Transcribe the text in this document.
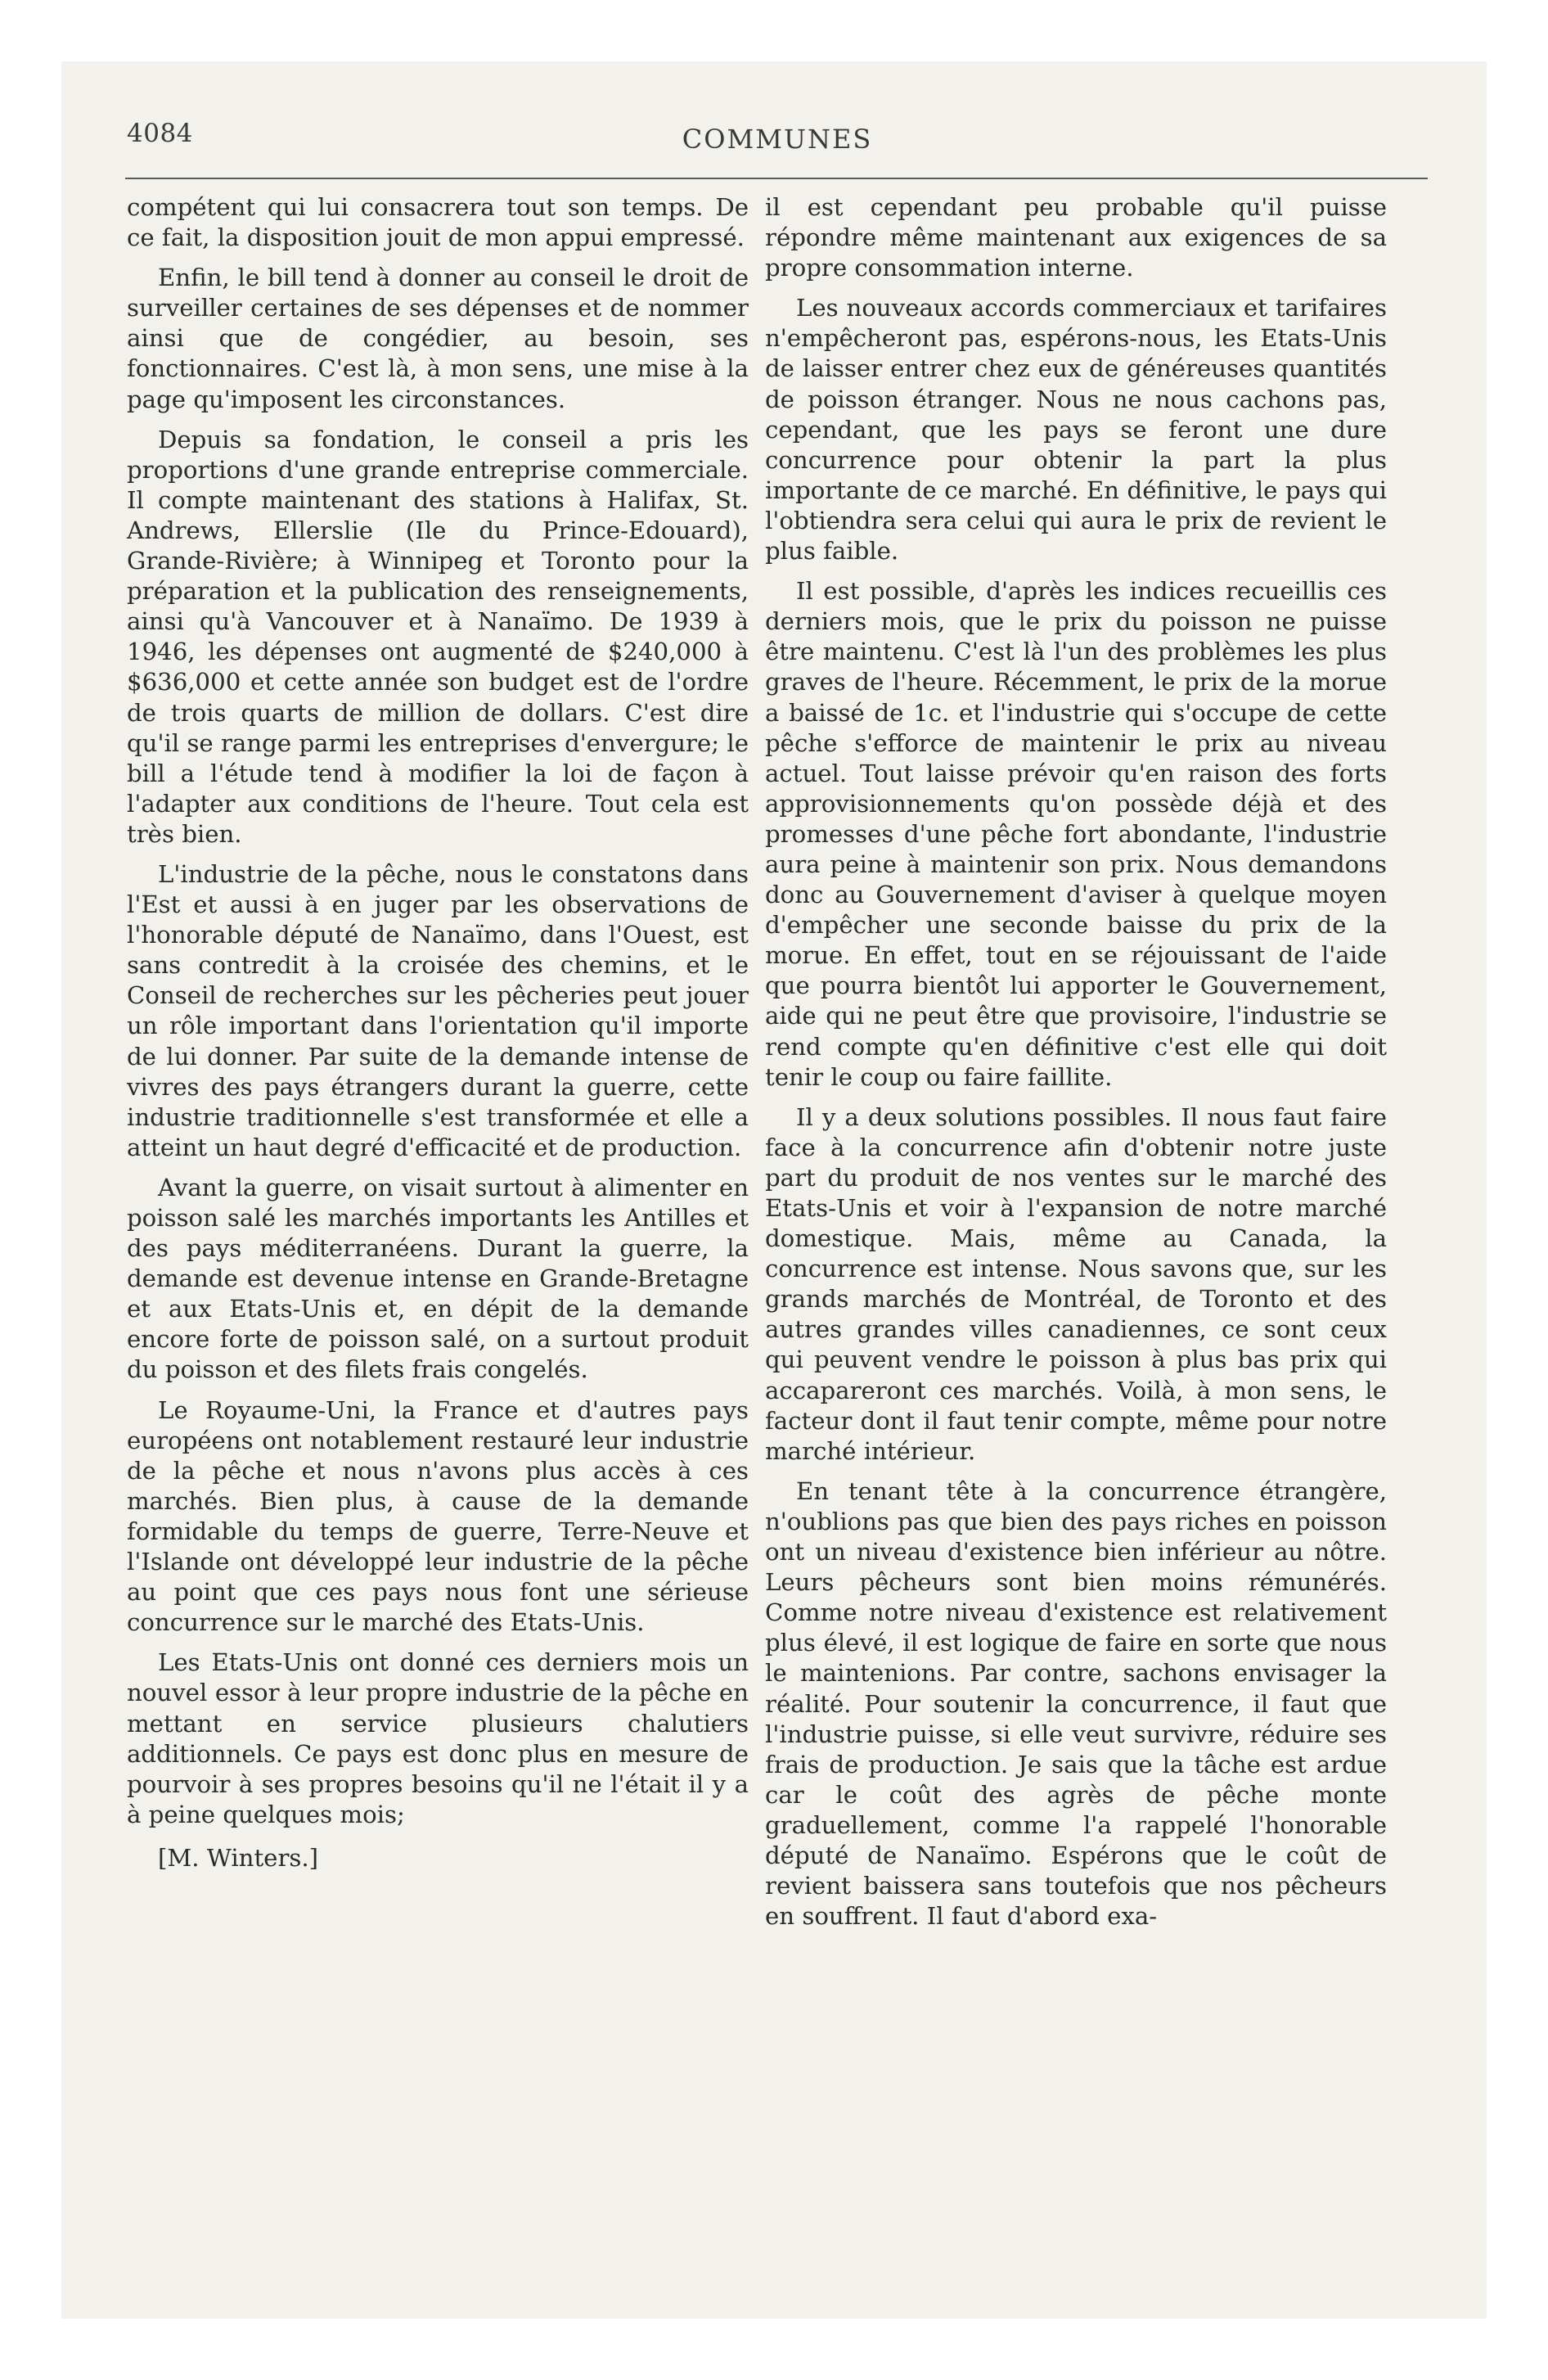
4084	COMMUNES

compétent qui lui consacrera tout son temps. De ce fait, la disposition jouit de mon appui empressé.

Enfin, le bill tend à donner au conseil le droit de surveiller certaines de ses dépenses et de nommer ainsi que de congédier, au besoin, ses fonctionnaires. C'est là, à mon sens, une mise à la page qu'imposent les circonstances.

Depuis sa fondation, le conseil a pris les proportions d'une grande entreprise commerciale. Il compte maintenant des stations à Halifax, St. Andrews, Ellerslie (Ile du Prince-Edouard), Grande-Rivière; à Winnipeg et Toronto pour la préparation et la publication des renseignements, ainsi qu'à Vancouver et à Nanaïmo. De 1939 à 1946, les dépenses ont augmenté de $240,000 à $636,000 et cette année son budget est de l'ordre de trois quarts de million de dollars. C'est dire qu'il se range parmi les entreprises d'envergure; le bill a l'étude tend à modifier la loi de façon à l'adapter aux conditions de l'heure. Tout cela est très bien.

L'industrie de la pêche, nous le constatons dans l'Est et aussi à en juger par les observations de l'honorable député de Nanaïmo, dans l'Ouest, est sans contredit à la croisée des chemins, et le Conseil de recherches sur les pêcheries peut jouer un rôle important dans l'orientation qu'il importe de lui donner. Par suite de la demande intense de vivres des pays étrangers durant la guerre, cette industrie traditionnelle s'est transformée et elle a atteint un haut degré d'efficacité et de production.

Avant la guerre, on visait surtout à alimenter en poisson salé les marchés importants les Antilles et des pays méditerranéens. Durant la guerre, la demande est devenue intense en Grande-Bretagne et aux Etats-Unis et, en dépit de la demande encore forte de poisson salé, on a surtout produit du poisson et des filets frais congelés.

Le Royaume-Uni, la France et d'autres pays européens ont notablement restauré leur industrie de la pêche et nous n'avons plus accès à ces marchés. Bien plus, à cause de la demande formidable du temps de guerre, Terre-Neuve et l'Islande ont développé leur industrie de la pêche au point que ces pays nous font une sérieuse concurrence sur le marché des Etats-Unis.

Les Etats-Unis ont donné ces derniers mois un nouvel essor à leur propre industrie de la pêche en mettant en service plusieurs chalutiers additionnels. Ce pays est donc plus en mesure de pourvoir à ses propres besoins qu'il ne l'était il y a à peine quelques mois;

[M. Winters.]

il est cependant peu probable qu'il puisse répondre même maintenant aux exigences de sa propre consommation interne.

Les nouveaux accords commerciaux et tarifaires n'empêcheront pas, espérons-nous, les Etats-Unis de laisser entrer chez eux de généreuses quantités de poisson étranger. Nous ne nous cachons pas, cependant, que les pays se feront une dure concurrence pour obtenir la part la plus importante de ce marché. En définitive, le pays qui l'obtiendra sera celui qui aura le prix de revient le plus faible.

Il est possible, d'après les indices recueillis ces derniers mois, que le prix du poisson ne puisse être maintenu. C'est là l'un des problèmes les plus graves de l'heure. Récemment, le prix de la morue a baissé de 1c. et l'industrie qui s'occupe de cette pêche s'efforce de maintenir le prix au niveau actuel. Tout laisse prévoir qu'en raison des forts approvisionnements qu'on possède déjà et des promesses d'une pêche fort abondante, l'industrie aura peine à maintenir son prix. Nous demandons donc au Gouvernement d'aviser à quelque moyen d'empêcher une seconde baisse du prix de la morue. En effet, tout en se réjouissant de l'aide que pourra bientôt lui apporter le Gouvernement, aide qui ne peut être que provisoire, l'industrie se rend compte qu'en définitive c'est elle qui doit tenir le coup ou faire faillite.

Il y a deux solutions possibles. Il nous faut faire face à la concurrence afin d'obtenir notre juste part du produit de nos ventes sur le marché des Etats-Unis et voir à l'expansion de notre marché domestique. Mais, même au Canada, la concurrence est intense. Nous savons que, sur les grands marchés de Montréal, de Toronto et des autres grandes villes canadiennes, ce sont ceux qui peuvent vendre le poisson à plus bas prix qui accapareront ces marchés. Voilà, à mon sens, le facteur dont il faut tenir compte, même pour notre marché intérieur.

En tenant tête à la concurrence étrangère, n'oublions pas que bien des pays riches en poisson ont un niveau d'existence bien inférieur au nôtre. Leurs pêcheurs sont bien moins rémunérés. Comme notre niveau d'existence est relativement plus élevé, il est logique de faire en sorte que nous le maintenions. Par contre, sachons envisager la réalité. Pour soutenir la concurrence, il faut que l'industrie puisse, si elle veut survivre, réduire ses frais de production. Je sais que la tâche est ardue car le coût des agrès de pêche monte graduellement, comme l'a rappelé l'honorable député de Nanaïmo. Espérons que le coût de revient baissera sans toutefois que nos pêcheurs en souffrent. Il faut d'abord exa-
